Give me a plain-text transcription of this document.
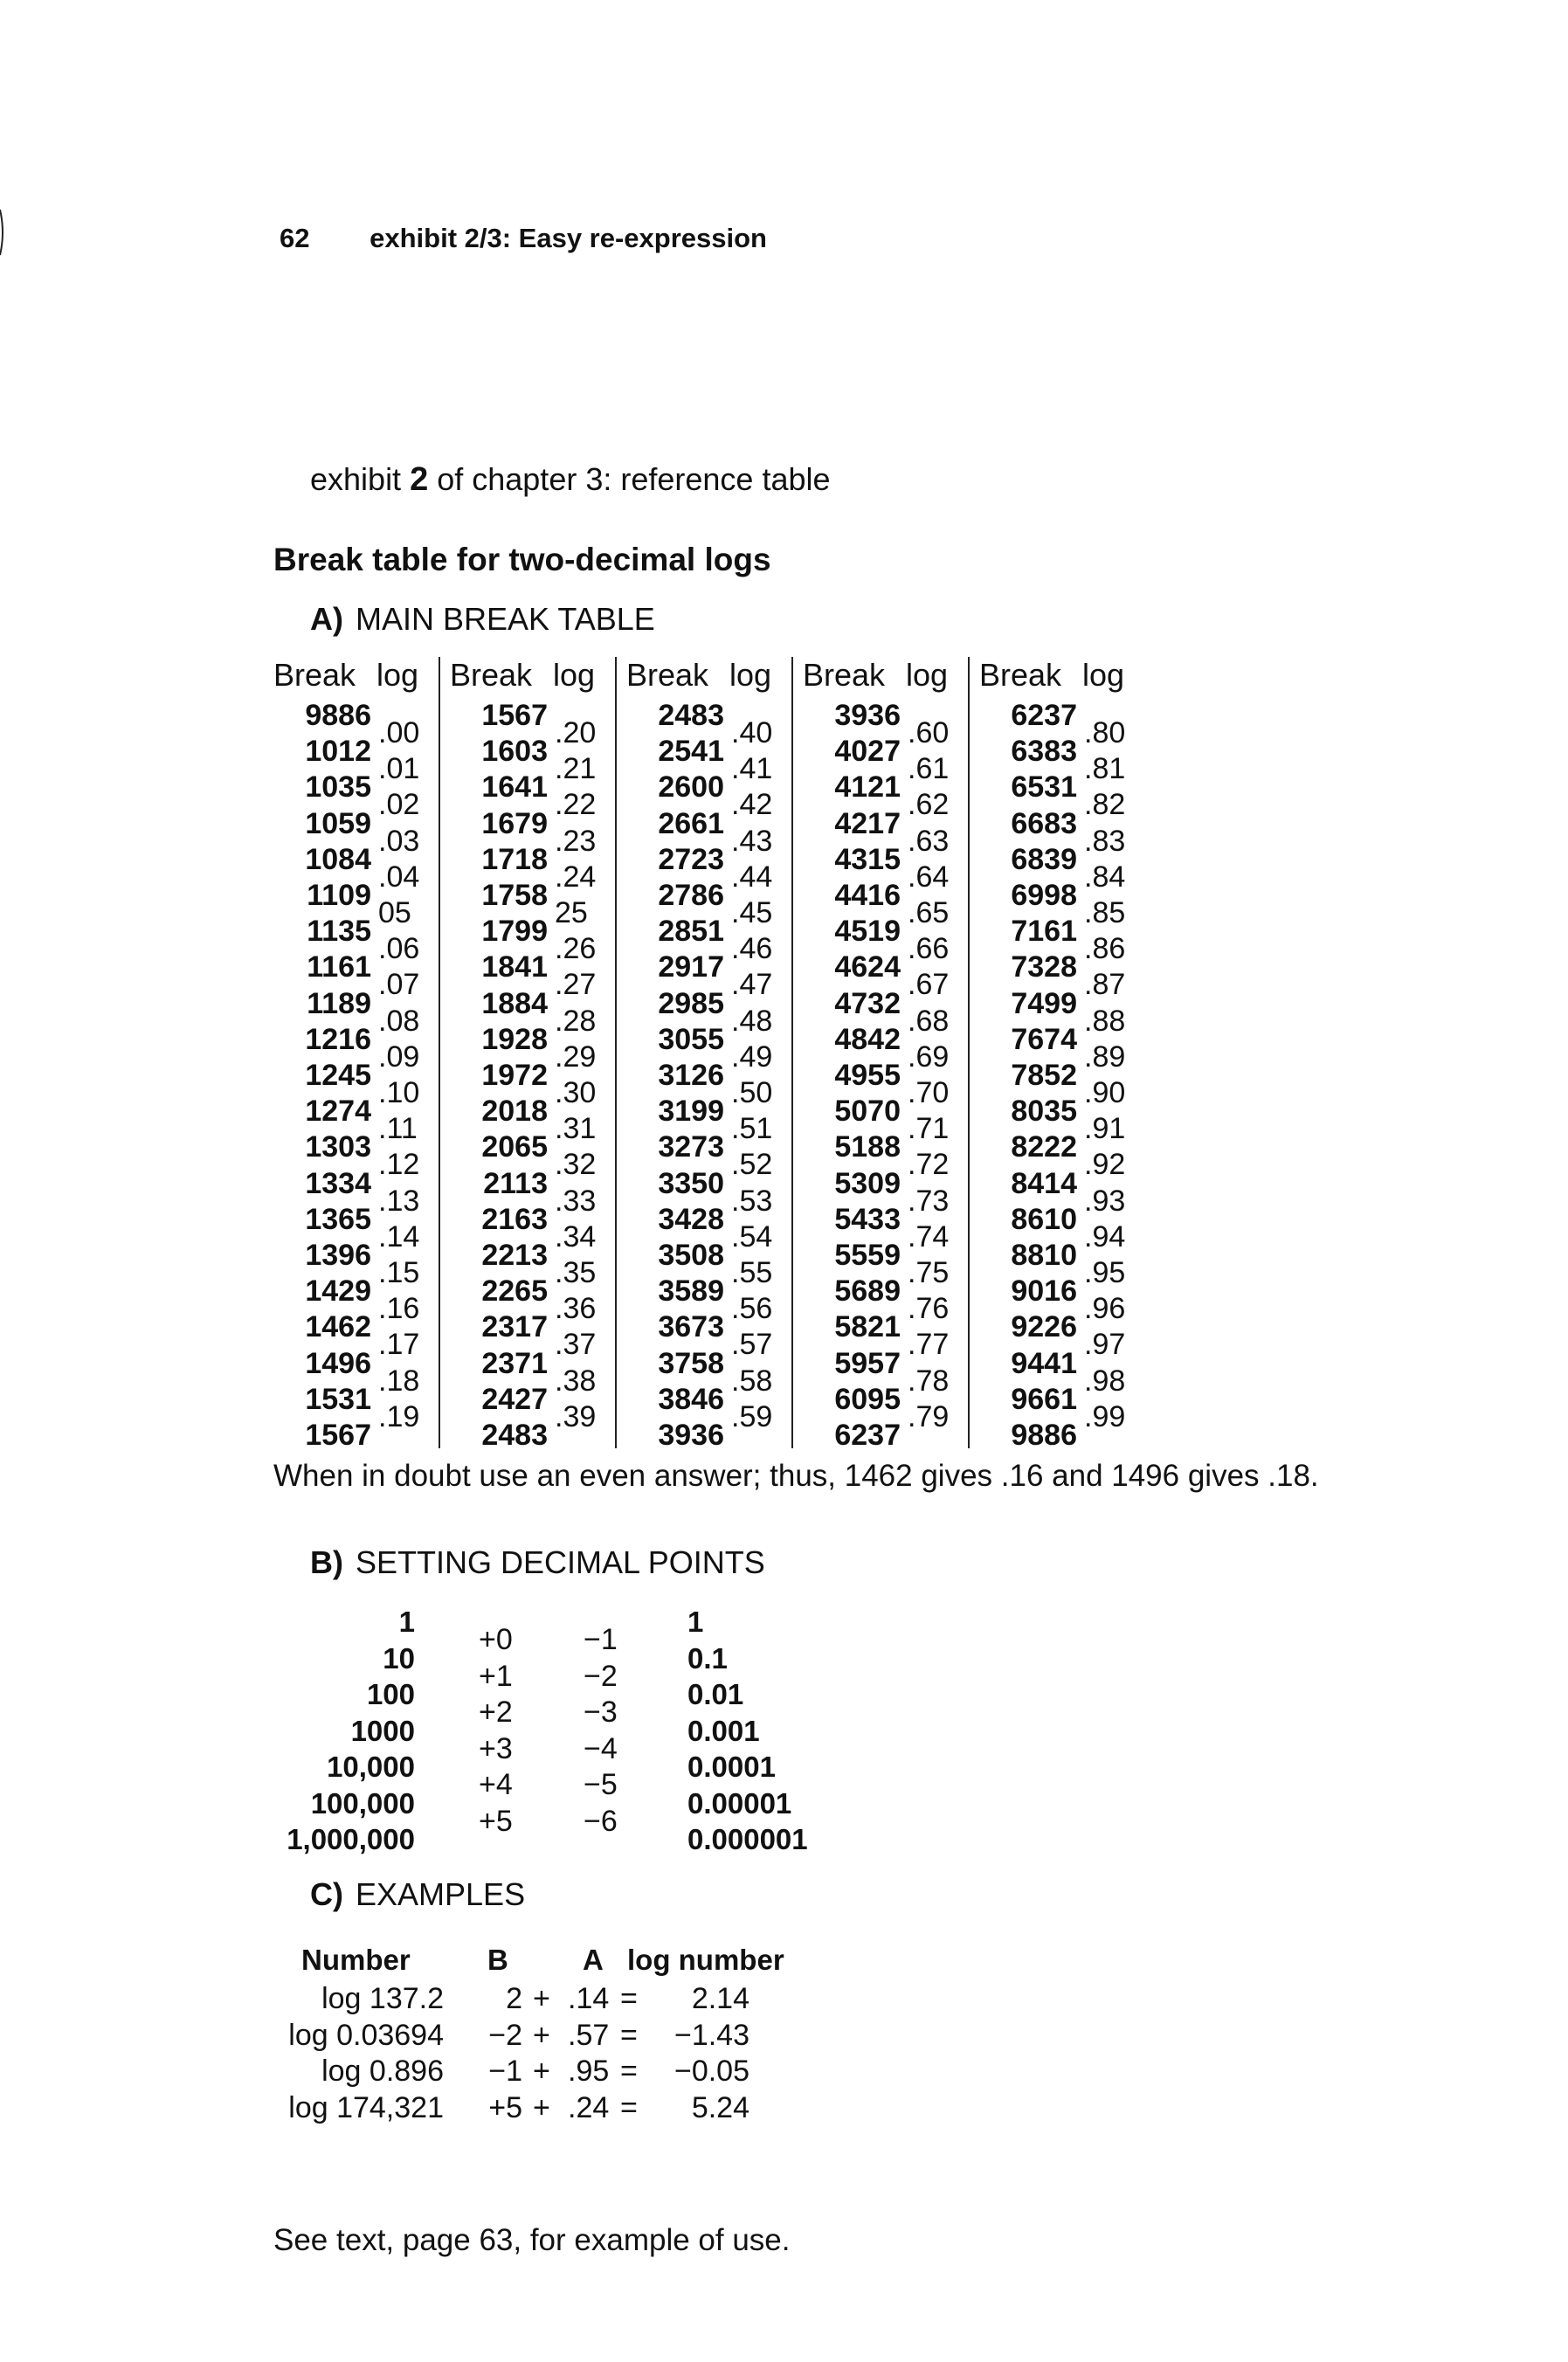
62 exhibit 2/3: Easy re-expression
exhibit 2 of chapter 3: reference table
Break table for two-decimal logs
A) MAIN BREAK TABLE
Break log
9886
1012
1035
1059
1084
1109
1135
1161
1189
1216
1245
1274
1303
1334
1365
1396
1429
1462
1496
1531
1567
.00
.01
.02
.03
.04
05
.06
.07
.08
.09
.10
.11
.12
.13
.14
.15
.16
.17
.18
.19
Break log
1567
1603
1641
1679
1718
1758
1799
1841
1884
1928
1972
2018
2065
2113
2163
2213
2265
2317
2371
2427
2483
.20
.21
.22
.23
.24
25
.26
.27
.28
.29
.30
.31
.32
.33
.34
.35
.36
.37
.38
.39
Break log
2483
2541
2600
2661
2723
2786
2851
2917
2985
3055
3126
3199
3273
3350
3428
3508
3589
3673
3758
3846
3936
.40
.41
.42
.43
.44
.45
.46
.47
.48
.49
.50
.51
.52
.53
.54
.55
.56
.57
.58
.59
Break log
3936
4027
4121
4217
4315
4416
4519
4624
4732
4842
4955
5070
5188
5309
5433
5559
5689
5821
5957
6095
6237
.60
.61
.62
.63
.64
.65
.66
.67
.68
.69
.70
.71
.72
.73
.74
.75
.76
.77
.78
.79
Break log
6237
6383
6531
6683
6839
6998
7161
7328
7499
7674
7852
8035
8222
8414
8610
8810
9016
9226
9441
9661
9886
.80
.81
.82
.83
.84
.85
.86
.87
.88
.89
.90
.91
.92
.93
.94
.95
.96
.97
.98
.99
When in doubt use an even answer; thus, 1462 gives .16 and 1496 gives .18.
B) SETTING DECIMAL POINTS
1
10
100
1000
10,000
100,000
1,000,000
+0
+1
+2
+3
+4
+5
−1
−2
−3
−4
−5
−6
1
0.1
0.01
0.001
0.0001
0.00001
0.000001
C) EXAMPLES
Number	B	A log number
log 137.2 2 + .14 = 2.14
log 0.03694 −2 + .57 = −1.43
log 0.896 −1 + .95 = −0.05
log 174,321 +5 + .24 = 5.24
See text, page 63, for example of use.
